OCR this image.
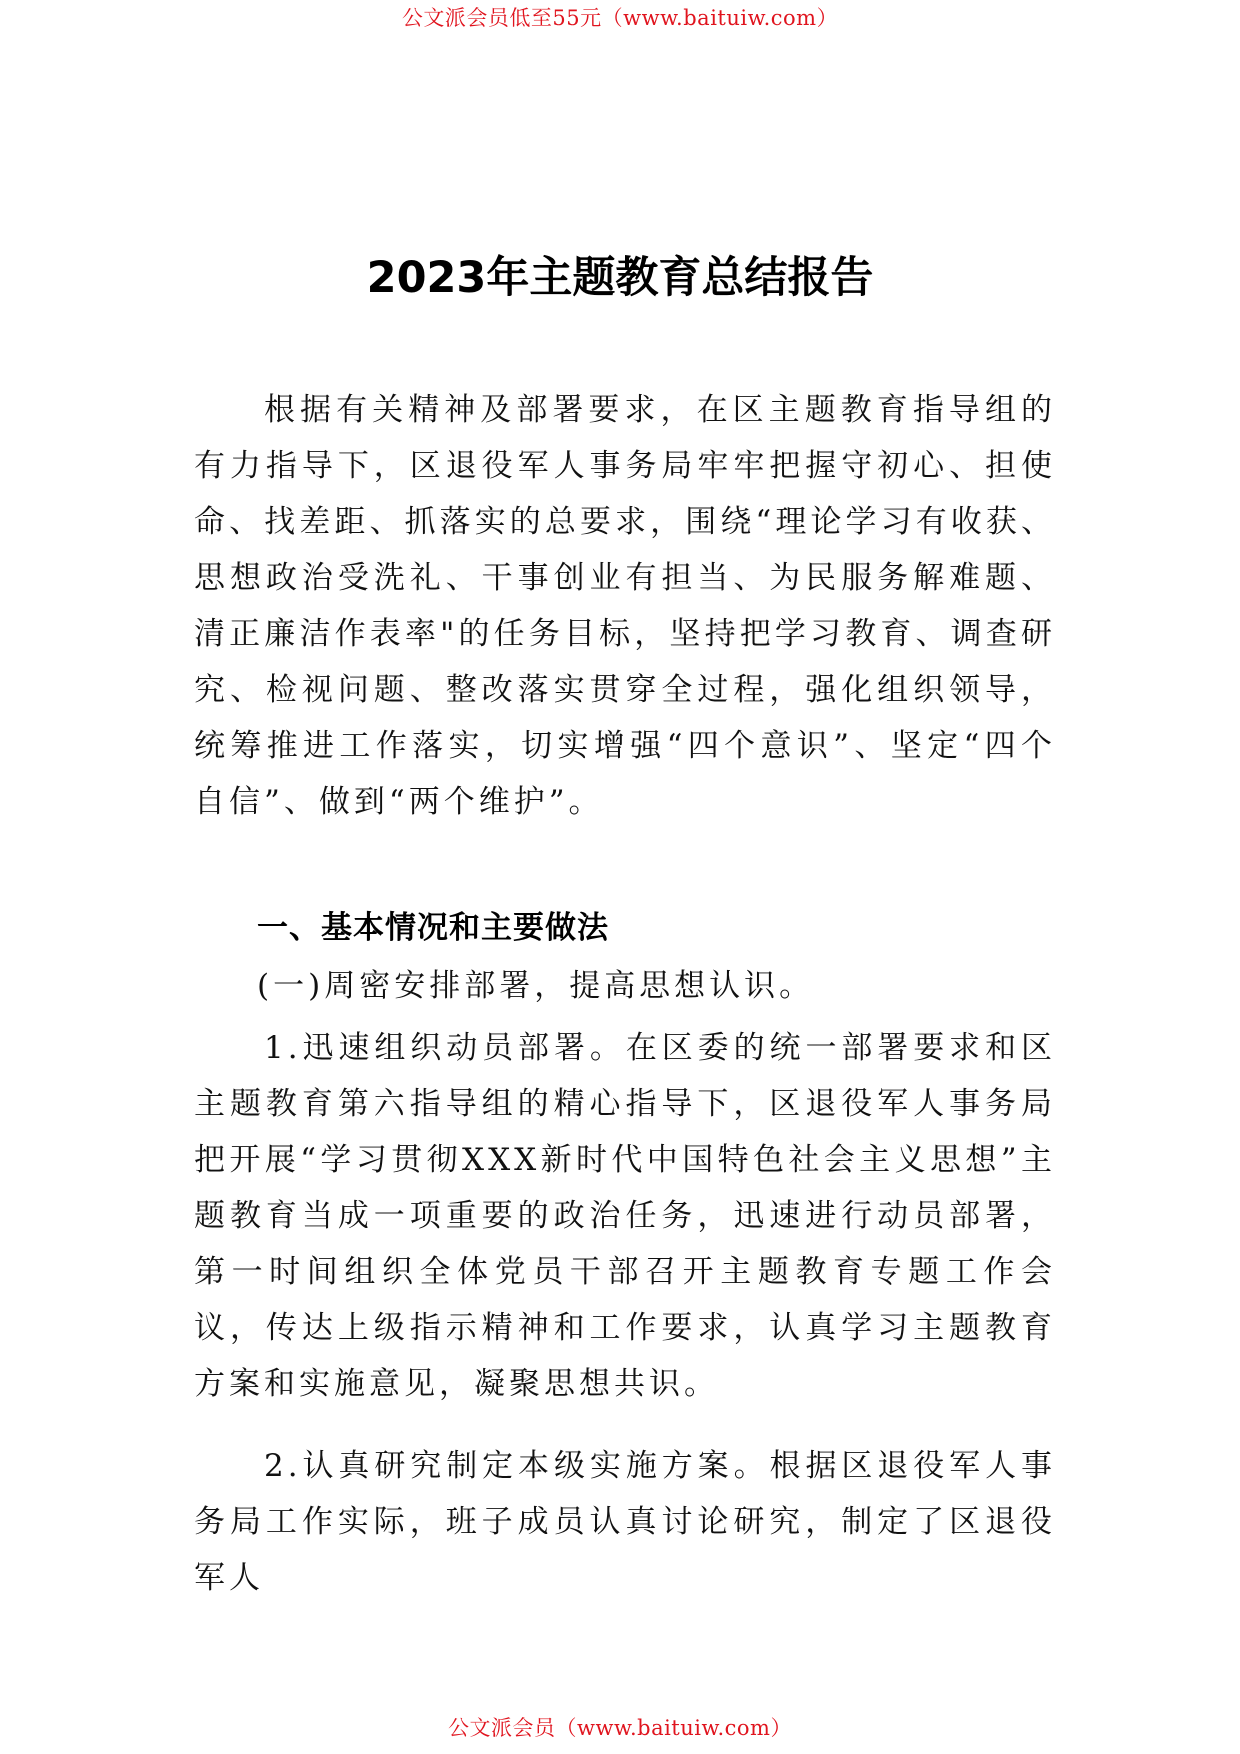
公文派会员低至55元（www.baituiw.com）
2023年主题教育总结报告

根据有关精神及部署要求，在区主题教育指导组的有力指导下，区退役军人事务局牢牢把握守初心、担使命、找差距、抓落实的总要求，围绕“理论学习有收获、思想政治受洗礼、干事创业有担当、为民服务解难题、清正廉洁作表率"的任务目标，坚持把学习教育、调查研究、检视问题、整改落实贯穿全过程，强化组织领导，统筹推进工作落实，切实增强“四个意识”、坚定“四个自信”、做到“两个维护”。

一、基本情况和主要做法

(一)周密安排部署，提高思想认识。

1.迅速组织动员部署。在区委的统一部署要求和区主题教育第六指导组的精心指导下，区退役军人事务局把开展“学习贯彻XXX新时代中国特色社会主义思想”主题教育当成一项重要的政治任务，迅速进行动员部署，第一时间组织全体党员干部召开主题教育专题工作会议，传达上级指示精神和工作要求，认真学习主题教育方案和实施意见，凝聚思想共识。

2.认真研究制定本级实施方案。根据区退役军人事务局工作实际，班子成员认真讨论研究，制定了区退役军人

公文派会员（www.baituiw.com）
